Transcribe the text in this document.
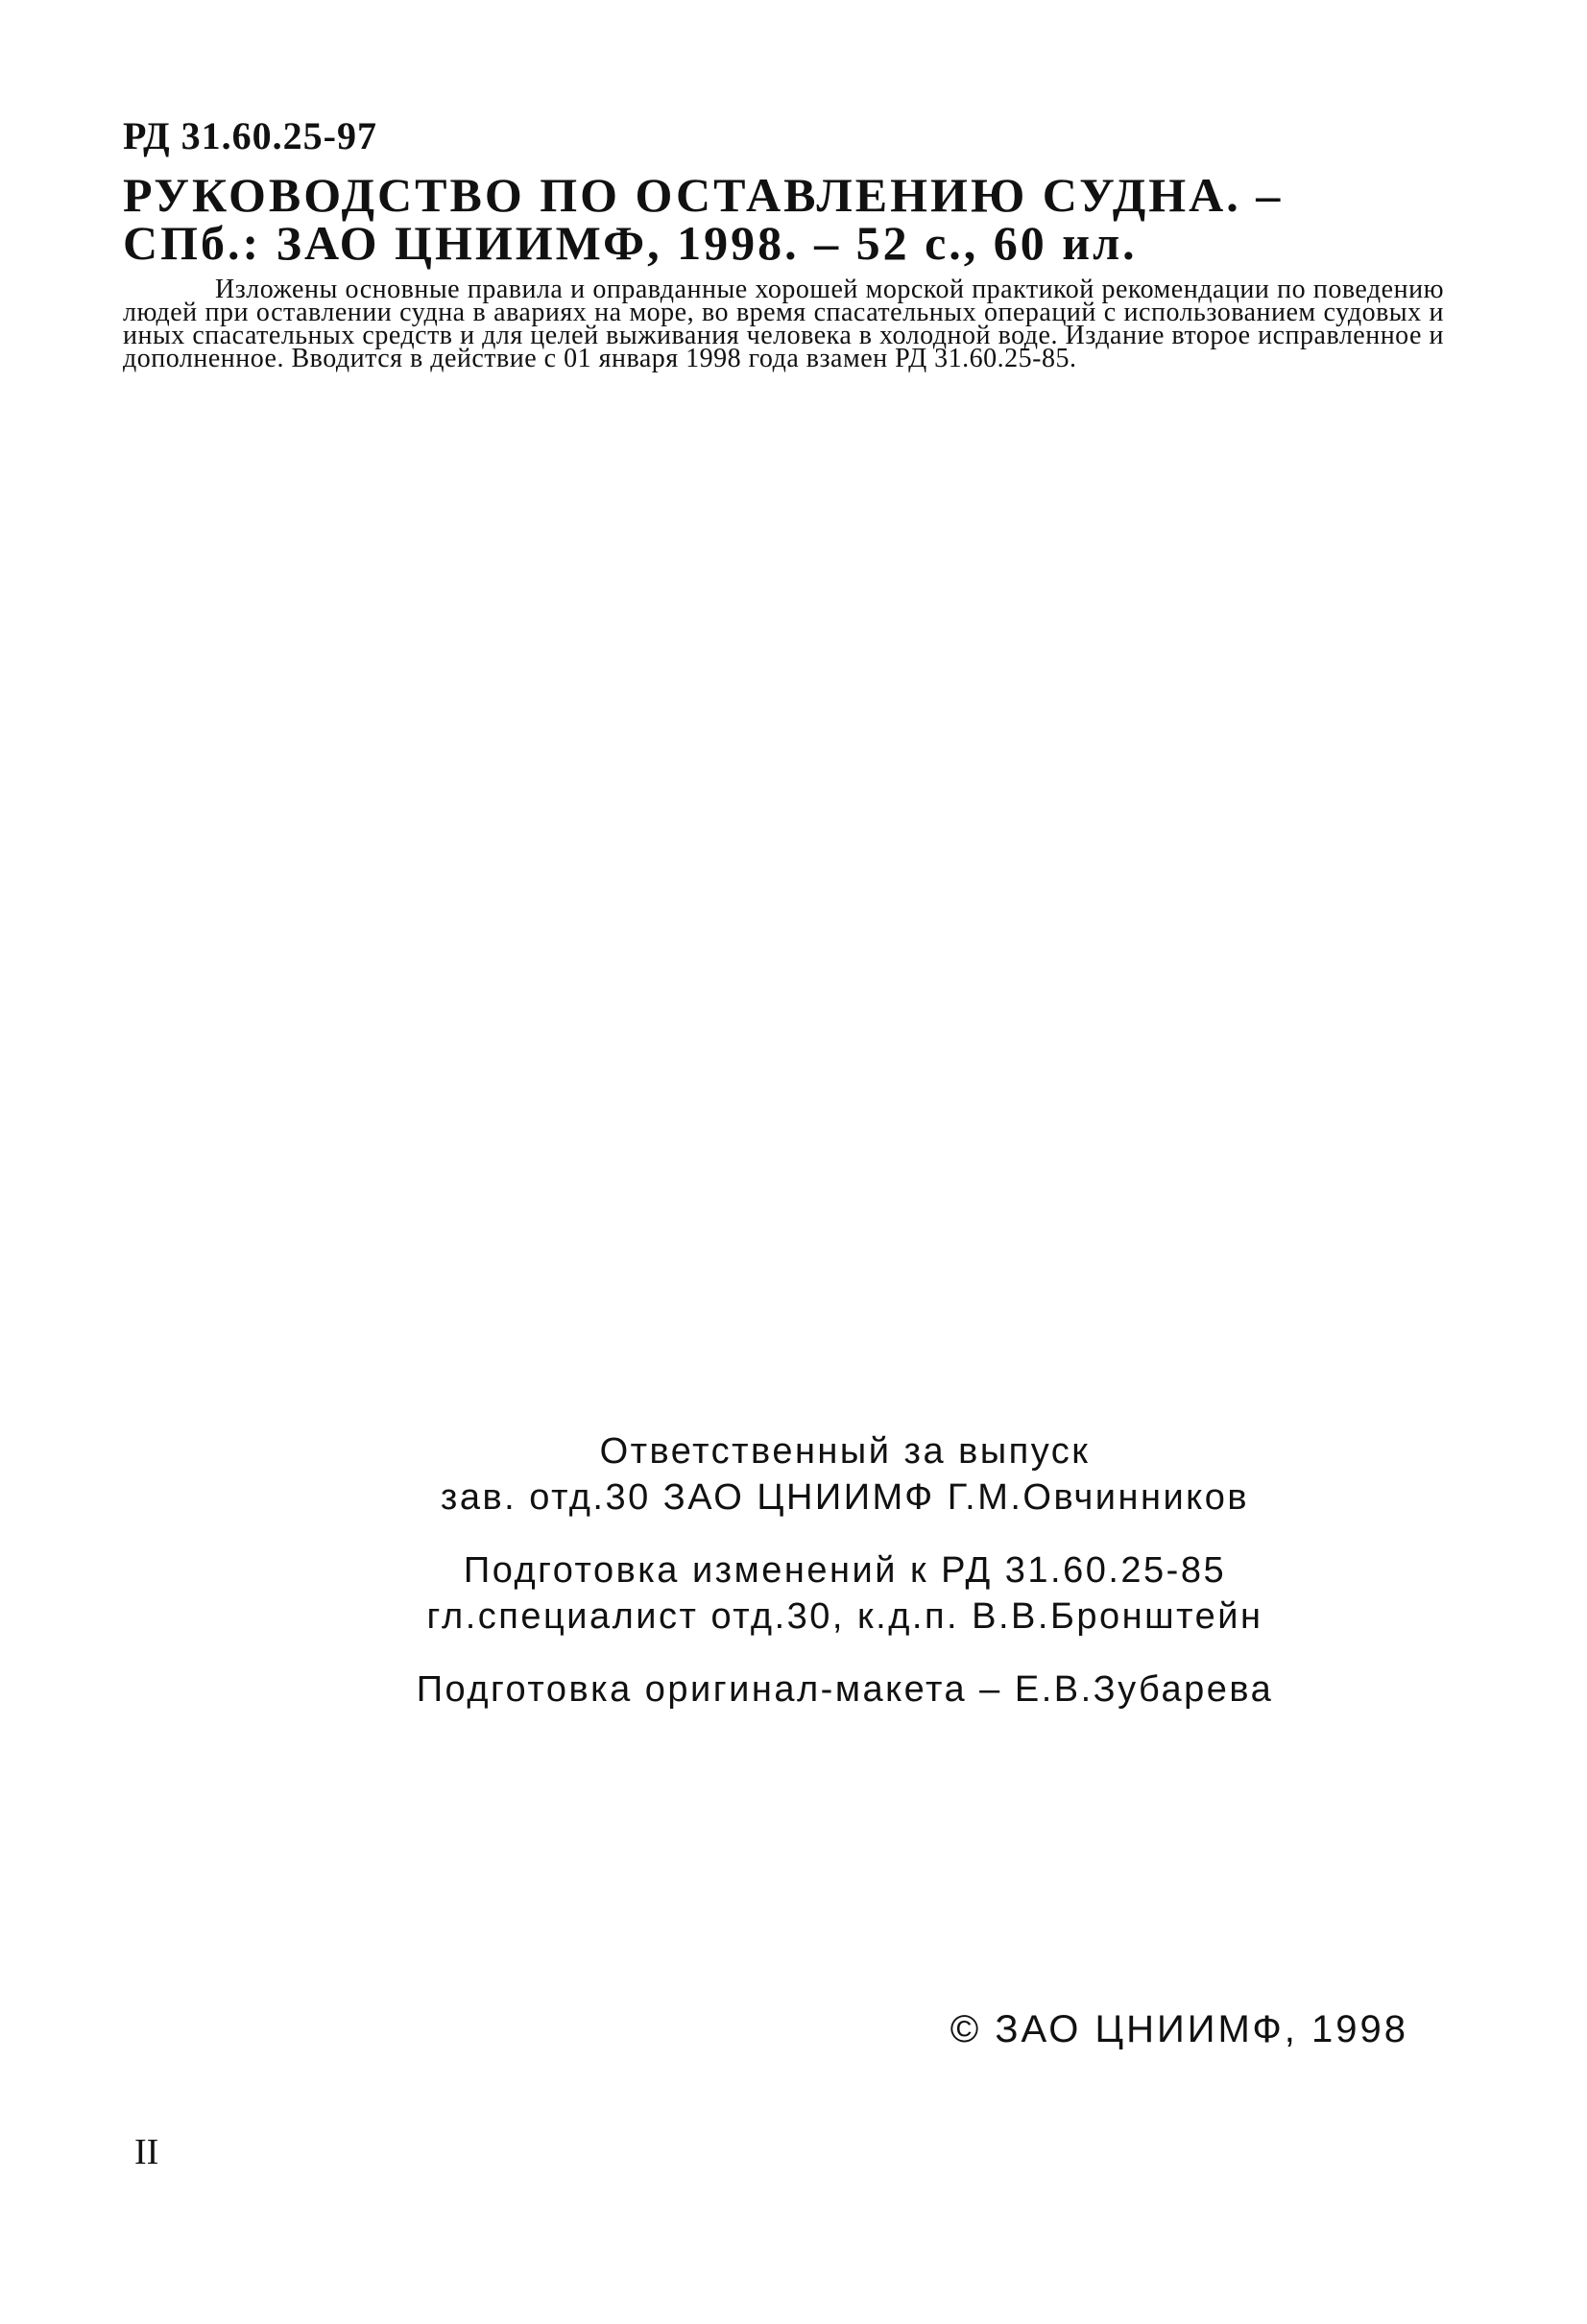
РД 31.60.25-97
РУКОВОДСТВО ПО ОСТАВЛЕНИЮ СУДНА. –
СПб.: ЗАО ЦНИИМФ, 1998. – 52 с., 60 ил.
Изложены основные правила и оправданные хорошей морской практикой рекомендации по поведению людей при оставлении судна в авариях на море, во время спасательных операций с использованием судовых и иных спасательных средств и для целей выживания человека в холодной воде. Издание второе исправленное и дополненное. Вводится в действие с 01 января 1998 года взамен РД 31.60.25-85.
Ответственный за выпуск
зав. отд.30 ЗАО ЦНИИМФ Г.М.Овчинников
Подготовка изменений к РД 31.60.25-85
гл.специалист отд.30, к.д.п. В.В.Бронштейн
Подготовка оригинал-макета – Е.В.Зубарева
© ЗАО ЦНИИМФ, 1998
II
